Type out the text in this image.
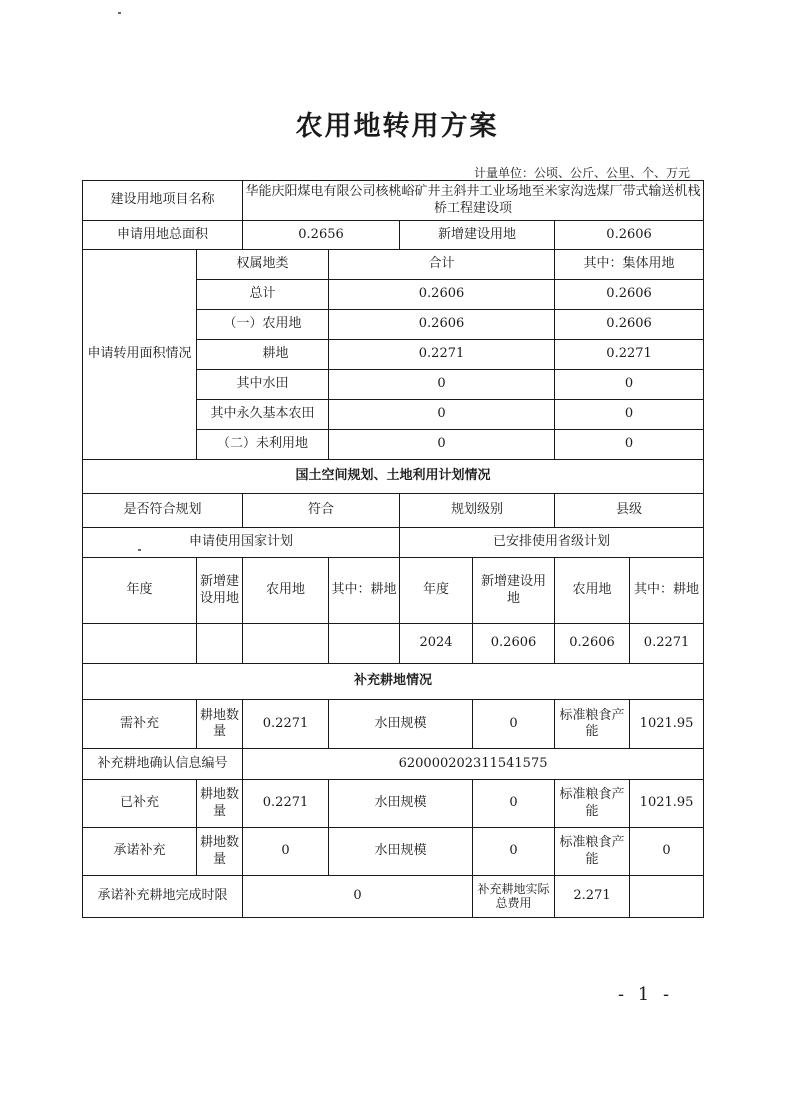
农用地转用方案
计量单位：公顷、公斤、公里、个、万元
建设用地项目名称		华能庆阳煤电有限公司核桃峪矿井主斜井工业场地至米家沟选煤厂带式输送机栈桥工程建设项					
申请用地总面积		0.2656		新增建设用地		0.2606	
申请转用面积情况	权属地类		合计			其中：集体用地	
	总计		0.2606			0.2606	
	（一）农用地		0.2606			0.2606	
	耕地		0.2271			0.2271	
	其中水田		0			0	
	其中永久基本农田		0			0	
	（二）未利用地		0			0	
国土空间规划、土地利用计划情况							
是否符合规划		符合		规划级别		县级	
申请使用国家计划				已安排使用省级计划			
年度	新增建设用地	农用地	其中：耕地	年度	新增建设用地	农用地	其中：耕地
				2024	0.2606	0.2606	0.2271
补充耕地情况							
需补充	耕地数量	0.2271	水田规模		0	标准粮食产能	1021.95
补充耕地确认信息编号		620000202311541575					
已补充	耕地数量	0.2271	水田规模		0	标准粮食产能	1021.95
承诺补充	耕地数量	0	水田规模		0	标准粮食产能	0
承诺补充耕地完成时限		0			补充耕地实际总费用	2.271	
- 1 -
